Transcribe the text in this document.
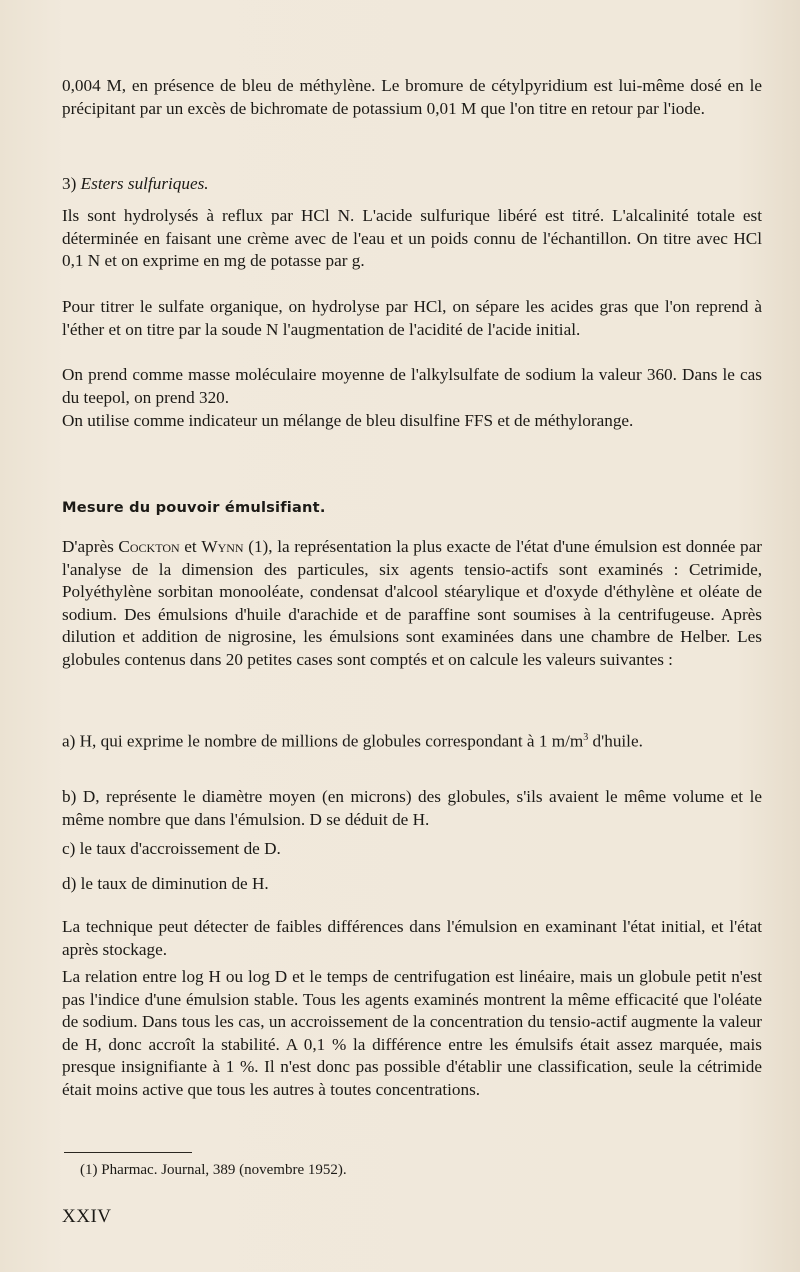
0,004 M, en présence de bleu de méthylène. Le bromure de cétylpyridium est lui-même dosé en le précipitant par un excès de bichromate de potassium 0,01 M que l'on titre en retour par l'iode.

3) Esters sulfuriques.

Ils sont hydrolysés à reflux par HCl N. L'acide sulfurique libéré est titré. L'alcalinité totale est déterminée en faisant une crème avec de l'eau et un poids connu de l'échantillon. On titre avec HCl 0,1 N et on exprime en mg de potasse par g.

Pour titrer le sulfate organique, on hydrolyse par HCl, on sépare les acides gras que l'on reprend à l'éther et on titre par la soude N l'augmentation de l'acidité de l'acide initial.

On prend comme masse moléculaire moyenne de l'alkylsulfate de sodium la valeur 360. Dans le cas du teepol, on prend 320.

On utilise comme indicateur un mélange de bleu disulfine FFS et de méthylorange.

Mesure du pouvoir émulsifiant.

D'après Cockton et Wynn (1), la représentation la plus exacte de l'état d'une émulsion est donnée par l'analyse de la dimension des particules, six agents tensio-actifs sont examinés : Cetrimide, Polyéthylène sorbitan monooléate, condensat d'alcool stéarylique et d'oxyde d'éthylène et oléate de sodium. Des émulsions d'huile d'arachide et de paraffine sont soumises à la centrifugeuse. Après dilution et addition de nigrosine, les émulsions sont examinées dans une chambre de Helber. Les globules contenus dans 20 petites cases sont comptés et on calcule les valeurs suivantes :

a) H, qui exprime le nombre de millions de globules correspondant à 1 $m/m^3$ d'huile.

b) D, représente le diamètre moyen (en microns) des globules, s'ils avaient le même volume et le même nombre que dans l'émulsion. D se déduit de H.

c) le taux d'accroissement de D.

d) le taux de diminution de H.

La technique peut détecter de faibles différences dans l'émulsion en examinant l'état initial, et l'état après stockage.

La relation entre log H ou log D et le temps de centrifugation est linéaire, mais un globule petit n'est pas l'indice d'une émulsion stable. Tous les agents examinés montrent la même efficacité que l'oléate de sodium. Dans tous les cas, un accroissement de la concentration du tensio-actif augmente la valeur de H, donc accroît la stabilité. A 0,1 % la différence entre les émulsifs était assez marquée, mais presque insignifiante à 1 %. Il n'est donc pas possible d'établir une classification, seule la cétrimide était moins active que tous les autres à toutes concentrations.

(1) Pharmac. Journal, 389 (novembre 1952).
XXIV
